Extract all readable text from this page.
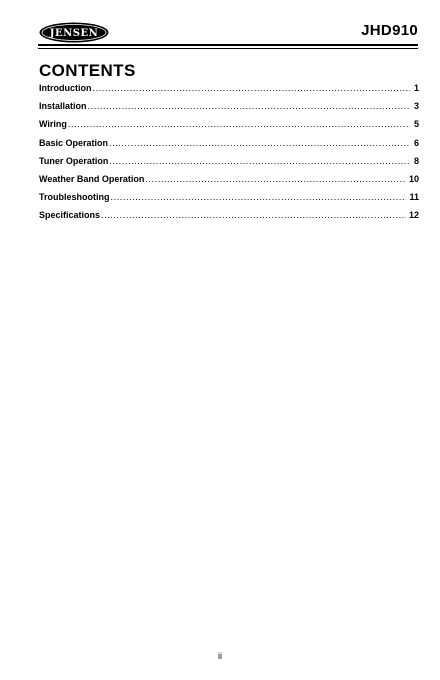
JENSEN	JHD910
CONTENTS
Introduction .....	1
Installation .....	3
Wiring .....	5
Basic Operation .....	6
Tuner Operation .....	8
Weather Band Operation .....	10
Troubleshooting .....	11
Specifications .....	12
ii
